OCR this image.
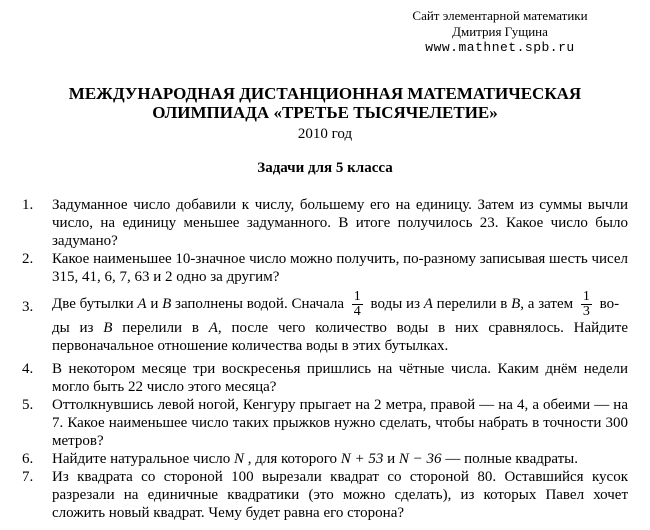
Сайт элементарной математики
Дмитрия Гущина
www.mathnet.spb.ru
МЕЖДУНАРОДНАЯ ДИСТАНЦИОННАЯ МАТЕМАТИЧЕСКАЯ
ОЛИМПИАДА «ТРЕТЬЕ ТЫСЯЧЕЛЕТИЕ»
2010 год
Задачи для 5 класса
1. Задуманное число добавили к числу, большему его на единицу. Затем из суммы вычли число, на единицу меньшее задуманного. В итоге получилось 23. Какое число было задумано?
2. Какое наименьшее 10-значное число можно получить, по-разному записывая шесть чисел
315, 41, 6, 7, 63 и 2 одно за другим?
3. Две бутылки A и B заполнены водой. Сначала $\frac{1}{4}$ воды из A перелили в B, а затем $\frac{1}{3} во-$
ды из B перелили в A, после чего количество воды в них сравнялось. Найдите первоначальное отношение количества воды в этих бутылках.
4. В некотором месяце три воскресенья пришлись на чётные числа. Каким днём недели могло быть 22 число этого месяца?
5. Оттолкнувшись левой ногой, Кенгуру прыгает на 2 метра, правой — на 4, а обеими — на 7. Какое наименьшее число таких прыжков нужно сделать, чтобы набрать в точности 300 метров?
6. Найдите натуральное число N , для которого N + 53 и N − 36 — полные квадраты.
7. Из квадрата со стороной 100 вырезали квадрат со стороной 80. Оставшийся кусок разрезали на единичные квадратики (это можно сделать), из которых Павел хочет сложить новый квадрат. Чему будет равна его сторона?
